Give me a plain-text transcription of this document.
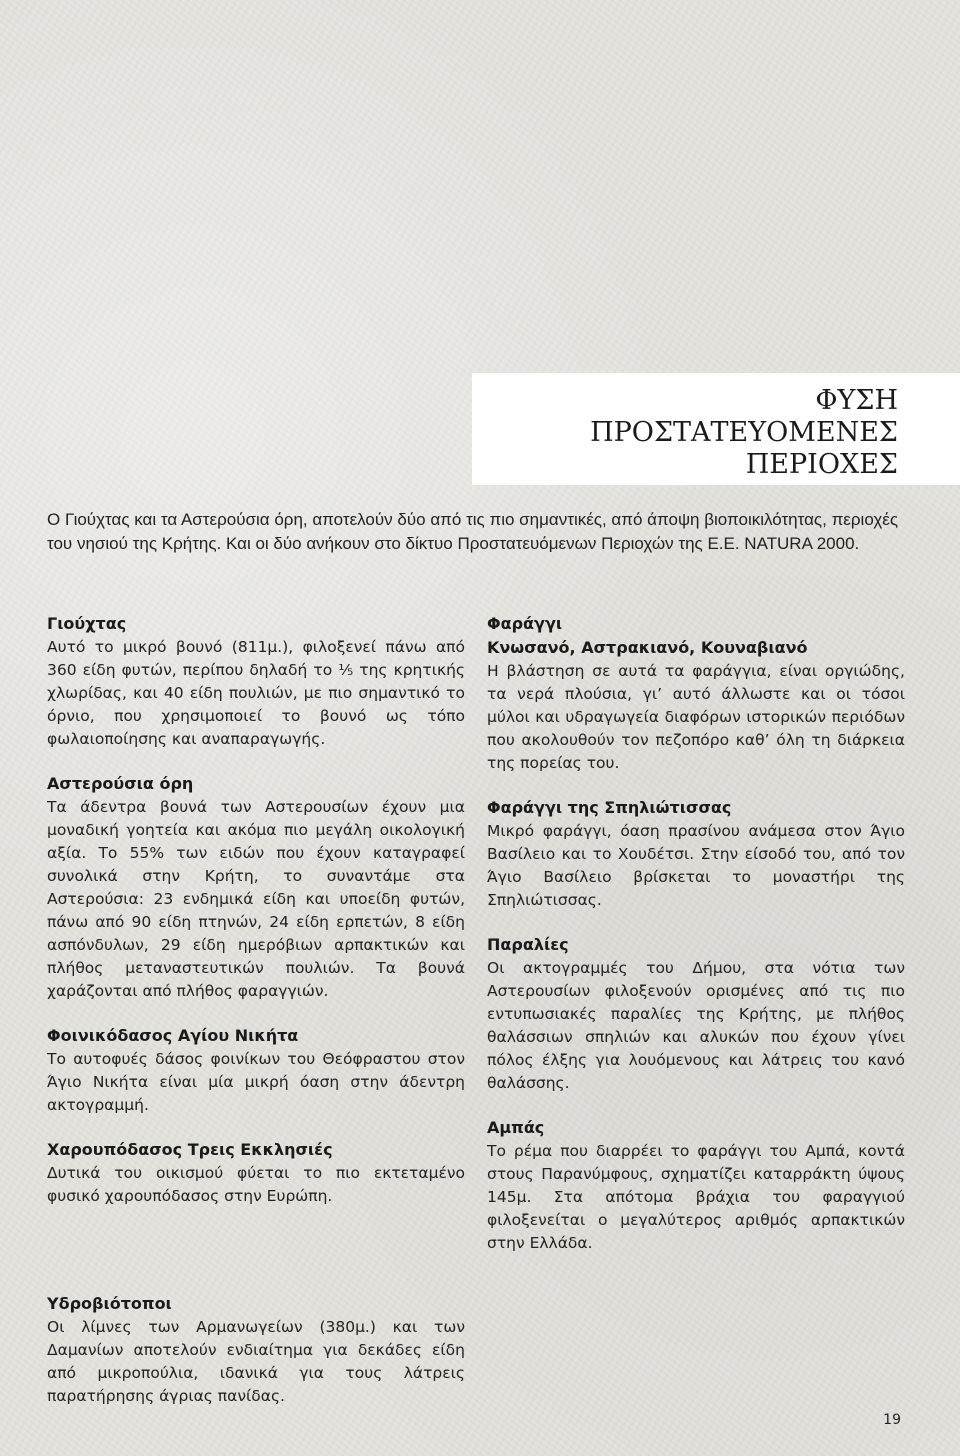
ΦΥΣΗ
ΠΡΟΣΤΑΤΕΥΟΜΕΝΕΣ
ΠΕΡΙΟΧΕΣ

Ο Γιούχτας και τα Αστερούσια όρη, αποτελούν δύο από τις πιο σημαντικές, από άποψη βιοποικιλότητας, περιοχές του νησιού της Κρήτης. Και οι δύο ανήκουν στο δίκτυο Προστατευόμενων Περιοχών της Ε.Ε. NATURA 2000.

Γιούχτας

Αυτό το μικρό βουνό (811μ.), φιλοξενεί πάνω από 360 είδη φυτών, περίπου δηλαδή το ⅕ της κρητικής χλωρίδας, και 40 είδη πουλιών, με πιο σημαντικό το όρνιο, που χρησιμοποιεί το βουνό ως τόπο φωλαιοποίησης και αναπαραγωγής.

Αστερούσια όρη

Τα άδεντρα βουνά των Αστερουσίων έχουν μια μοναδική γοητεία και ακόμα πιο μεγάλη οικολογική αξία. Το 55% των ειδών που έχουν καταγραφεί συνολικά στην Κρήτη, το συναντάμε στα Αστερούσια: 23 ενδημικά είδη και υποείδη φυτών, πάνω από 90 είδη πτηνών, 24 είδη ερπετών, 8 είδη ασπόνδυλων, 29 είδη ημερόβιων αρπακτικών και πλήθος μεταναστευτικών πουλιών. Τα βουνά χαράζονται από πλήθος φαραγγιών.

Φοινικόδασος Αγίου Νικήτα

Το αυτοφυές δάσος φοινίκων του Θεόφραστου στον Άγιο Νικήτα είναι μία μικρή όαση στην άδεντρη ακτογραμμή.

Χαρουπόδασος Τρεις Εκκλησιές

Δυτικά του οικισμού φύεται το πιο εκτεταμένο φυσικό χαρουπόδασος στην Ευρώπη.

Υδροβιότοποι

Οι λίμνες των Αρμανωγείων (380μ.) και των Δαμανίων αποτελούν ενδιαίτημα για δεκάδες είδη από μικροπούλια, ιδανικά για τους λάτρεις παρατήρησης άγριας πανίδας.

Φαράγγι
Κνωσανό, Αστρακιανό, Κουναβιανό

Η βλάστηση σε αυτά τα φαράγγια, είναι οργιώδης, τα νερά πλούσια, γι’ αυτό άλλωστε και οι τόσοι μύλοι και υδραγωγεία διαφόρων ιστορικών περιόδων που ακολουθούν τον πεζοπόρο καθ’ όλη τη διάρκεια της πορείας του.

Φαράγγι της Σπηλιώτισσας

Μικρό φαράγγι, όαση πρασίνου ανάμεσα στον Άγιο Βασίλειο και το Χουδέτσι. Στην είσοδό του, από τον Άγιο Βασίλειο βρίσκεται το μοναστήρι της Σπηλιώτισσας.

Παραλίες

Οι ακτογραμμές του Δήμου, στα νότια των Αστερουσίων φιλοξενούν ορισμένες από τις πιο εντυπωσιακές παραλίες της Κρήτης, με πλήθος θαλάσσιων σπηλιών και αλυκών που έχουν γίνει πόλος έλξης για λουόμενους και λάτρεις του κανό θαλάσσης.

Αμπάς

Το ρέμα που διαρρέει το φαράγγι του Αμπά, κοντά στους Παρανύμφους, σχηματίζει καταρράκτη ύψους 145μ. Στα απότομα βράχια του φαραγγιού φιλοξενείται ο μεγαλύτερος αριθμός αρπακτικών στην Ελλάδα.

19
